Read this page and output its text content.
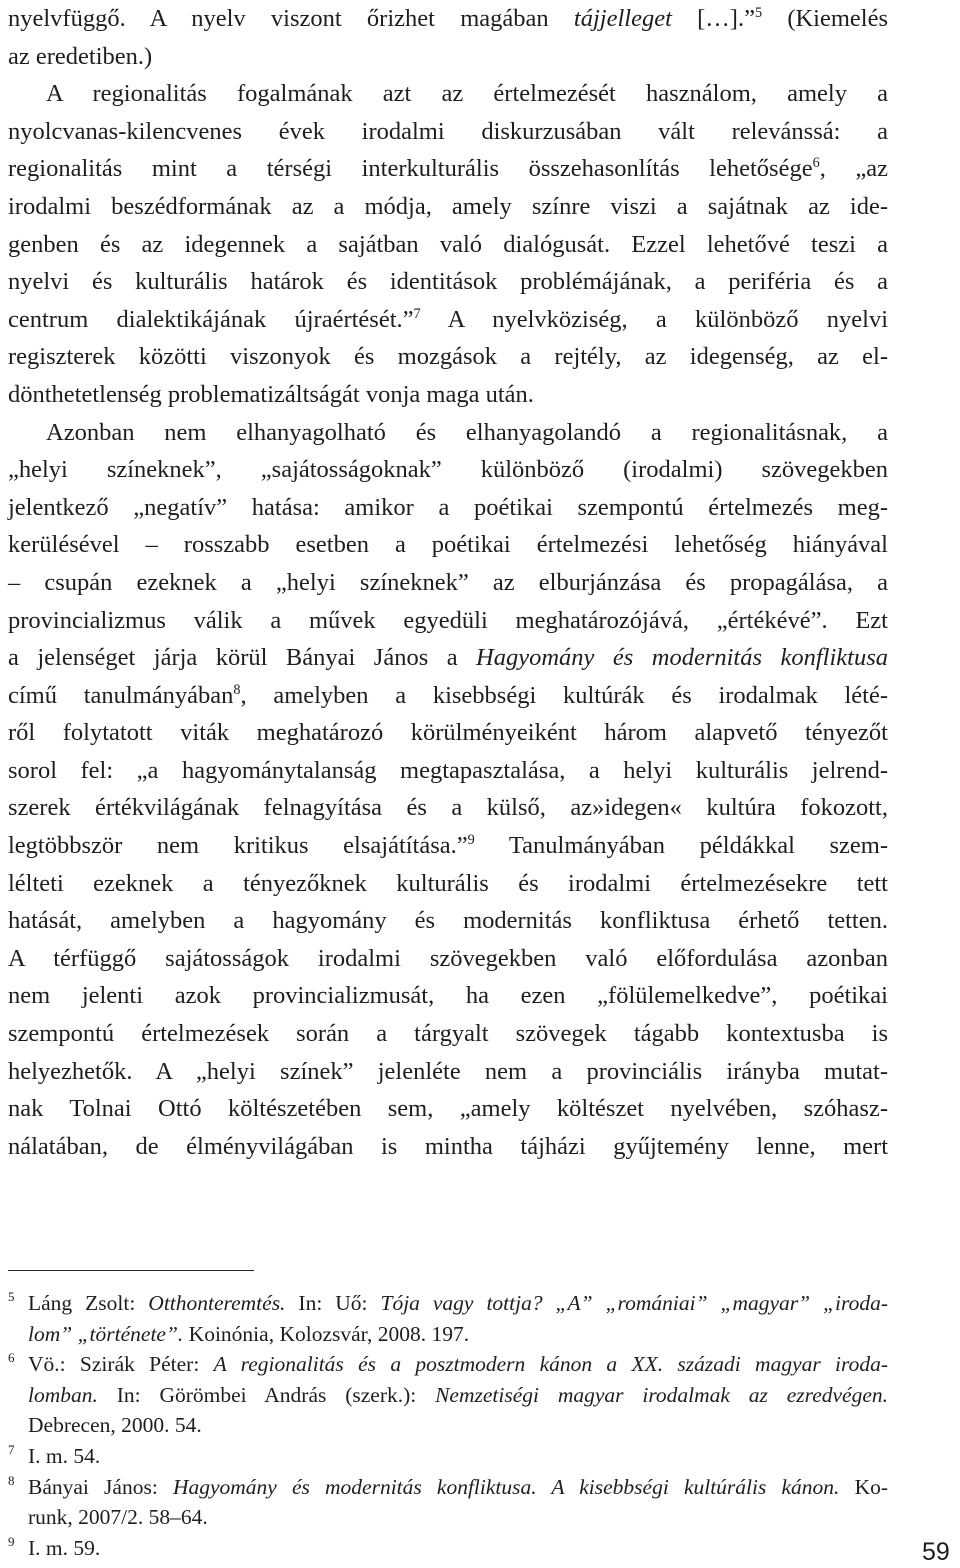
nyelvfüggő. A nyelv viszont őrizhet magában tájjelleget […].”$^5$ (Kiemelés
az eredetiben.)
A regionalitás fogalmának azt az értelmezését használom, amely a
nyolcvanas-kilencvenes évek irodalmi diskurzusában vált relevánssá: a
regionalitás mint a térségi interkulturális összehasonlítás lehetősége$^6$, „az
irodalmi beszédformának az a módja, amely színre viszi a sajátnak az ide-
genben és az idegennek a sajátban való dialógusát. Ezzel lehetővé teszi a
nyelvi és kulturális határok és identitások problémájának, a periféria és a
centrum dialektikájának újraértését.”$^7$ A nyelvköziség, a különböző nyelvi
regiszterek közötti viszonyok és mozgások a rejtély, az idegenség, az el-
dönthetetlenség problematizáltságát vonja maga után.
Azonban nem elhanyagolható és elhanyagolandó a regionalitásnak, a
„helyi színeknek”, „sajátosságoknak” különböző (irodalmi) szövegekben
jelentkező „negatív” hatása: amikor a poétikai szempontú értelmezés meg-
kerülésével – rosszabb esetben a poétikai értelmezési lehetőség hiányával
– csupán ezeknek a „helyi színeknek” az elburjánzása és propagálása, a
provincializmus válik a művek egyedüli meghatározójává, „értékévé”. Ezt
a jelenséget járja körül Bányai János a Hagyomány és modernitás konfliktusa
című tanulmányában$^8$, amelyben a kisebbségi kultúrák és irodalmak lété-
ről folytatott viták meghatározó körülményeiként három alapvető tényezőt
sorol fel: „a hagyománytalanság megtapasztalása, a helyi kulturális jelrend-
szerek értékvilágának felnagyítása és a külső, az»idegen« kultúra fokozott,
legtöbbször nem kritikus elsajátítása.”$^9$ Tanulmányában példákkal szem-
lélteti ezeknek a tényezőknek kulturális és irodalmi értelmezésekre tett
hatását, amelyben a hagyomány és modernitás konfliktusa érhető tetten.
A térfüggő sajátosságok irodalmi szövegekben való előfordulása azonban
nem jelenti azok provincializmusát, ha ezen „fölülemelkedve”, poétikai
szempontú értelmezések során a tárgyalt szövegek tágabb kontextusba is
helyezhetők. A „helyi színek” jelenléte nem a provinciális irányba mutat-
nak Tolnai Ottó költészetében sem, „amely költészet nyelvében, szóhasz-
nálatában, de élményvilágában is mintha tájházi gyűjtemény lenne, mert
5 Láng Zsolt: Otthonteremtés. In: Uő: Tója vagy tottja? „A” „romániai” „magyar” „iroda-
lom” „története”. Koinónia, Kolozsvár, 2008. 197.
6 Vö.: Szirák Péter: A regionalitás és a posztmodern kánon a XX. századi magyar iroda-
lomban. In: Görömbei András (szerk.): Nemzetiségi magyar irodalmak az ezredvégen.
Debrecen, 2000. 54.
7 I. m. 54.
8 Bányai János: Hagyomány és modernitás konfliktusa. A kisebbségi kultúrális kánon. Ko-
runk, 2007/2. 58–64.
9 I. m. 59.	59
